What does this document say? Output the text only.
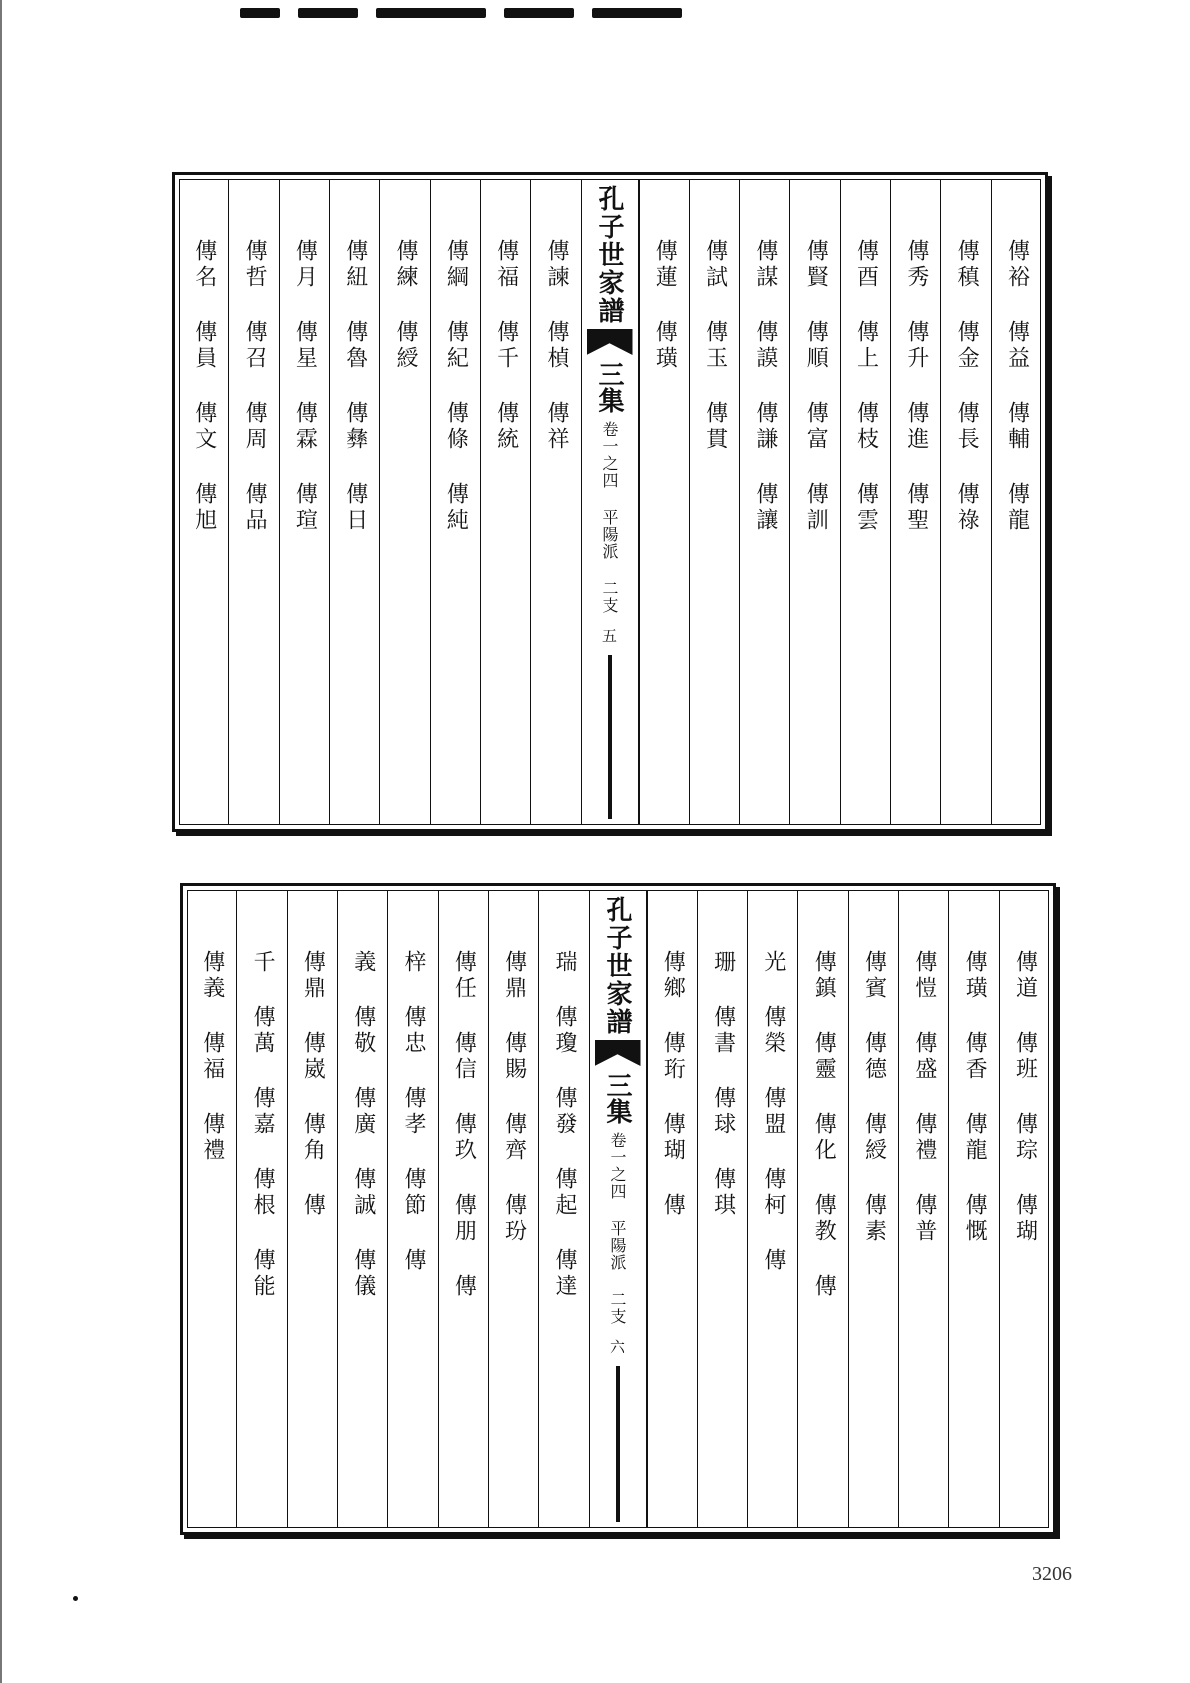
傳裕 傳益 傳輔 傳龍
傳稹 傳金 傳長 傳祿
傳秀 傳升 傳進 傳聖
傳酉 傳上 傳枝 傳雲
傳賢 傳順 傳富 傳訓
傳謀 傳謨 傳謙 傳讓
傳試 傳玉 傳貫
傳蓮 傳璜
孔子世家譜
三集
卷一之四 平陽派 二支
五
傳諫 傳楨 傳祥
傳福 傳千 傳統
傳綱 傳紀 傳條 傳純
傳練 傳綬
傳紐 傳魯 傳彝 傳日
傳月 傳星 傳霖 傳瑄
傳哲 傳召 傳周 傳品
傳名 傳員 傳文 傳旭
傳道 傳班 傳琮 傳瑚
傳璜 傳香 傳龍 傳慨
傳愷 傳盛 傳禮 傳普
傳賓 傳德 傳綬 傳素
傳鎮 傳靈 傳化 傳教 傳
光 傳榮 傳盟 傳柯 傳
珊 傳書 傳球 傳琪
傳鄉 傳珩 傳瑚 傳
孔子世家譜
三集
卷一之四 平陽派 二支
六
瑞 傳瓊 傳發 傳起 傳達
傳鼎 傳賜 傳齊 傳玢
傳任 傳信 傳玖 傳朋 傳
梓 傳忠 傳孝 傳節 傳
義 傳敬 傳廣 傳誠 傳儀
傳鼎 傳崴 傳角 傳
千 傳萬 傳嘉 傳根 傳能
傳義 傳福 傳禮
3206
